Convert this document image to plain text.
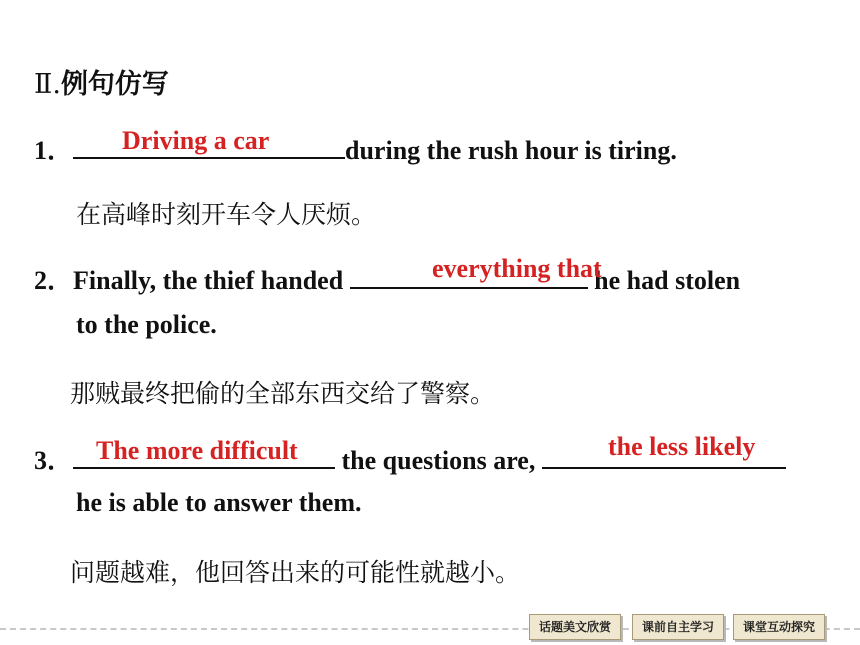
Ⅱ.例句仿写
1．	during the rush hour is tiring.
Driving a car
在高峰时刻开车令人厌烦。
2．Finally, the thief handed	he had stolen
everything that
to the police.
那贼最终把偷的全部东西交给了警察。
3．	the questions are,
The more difficult	the less likely
he is able to answer them.
问题越难，他回答出来的可能性就越小。
话题美文欣赏	课前自主学习	课堂互动探究
